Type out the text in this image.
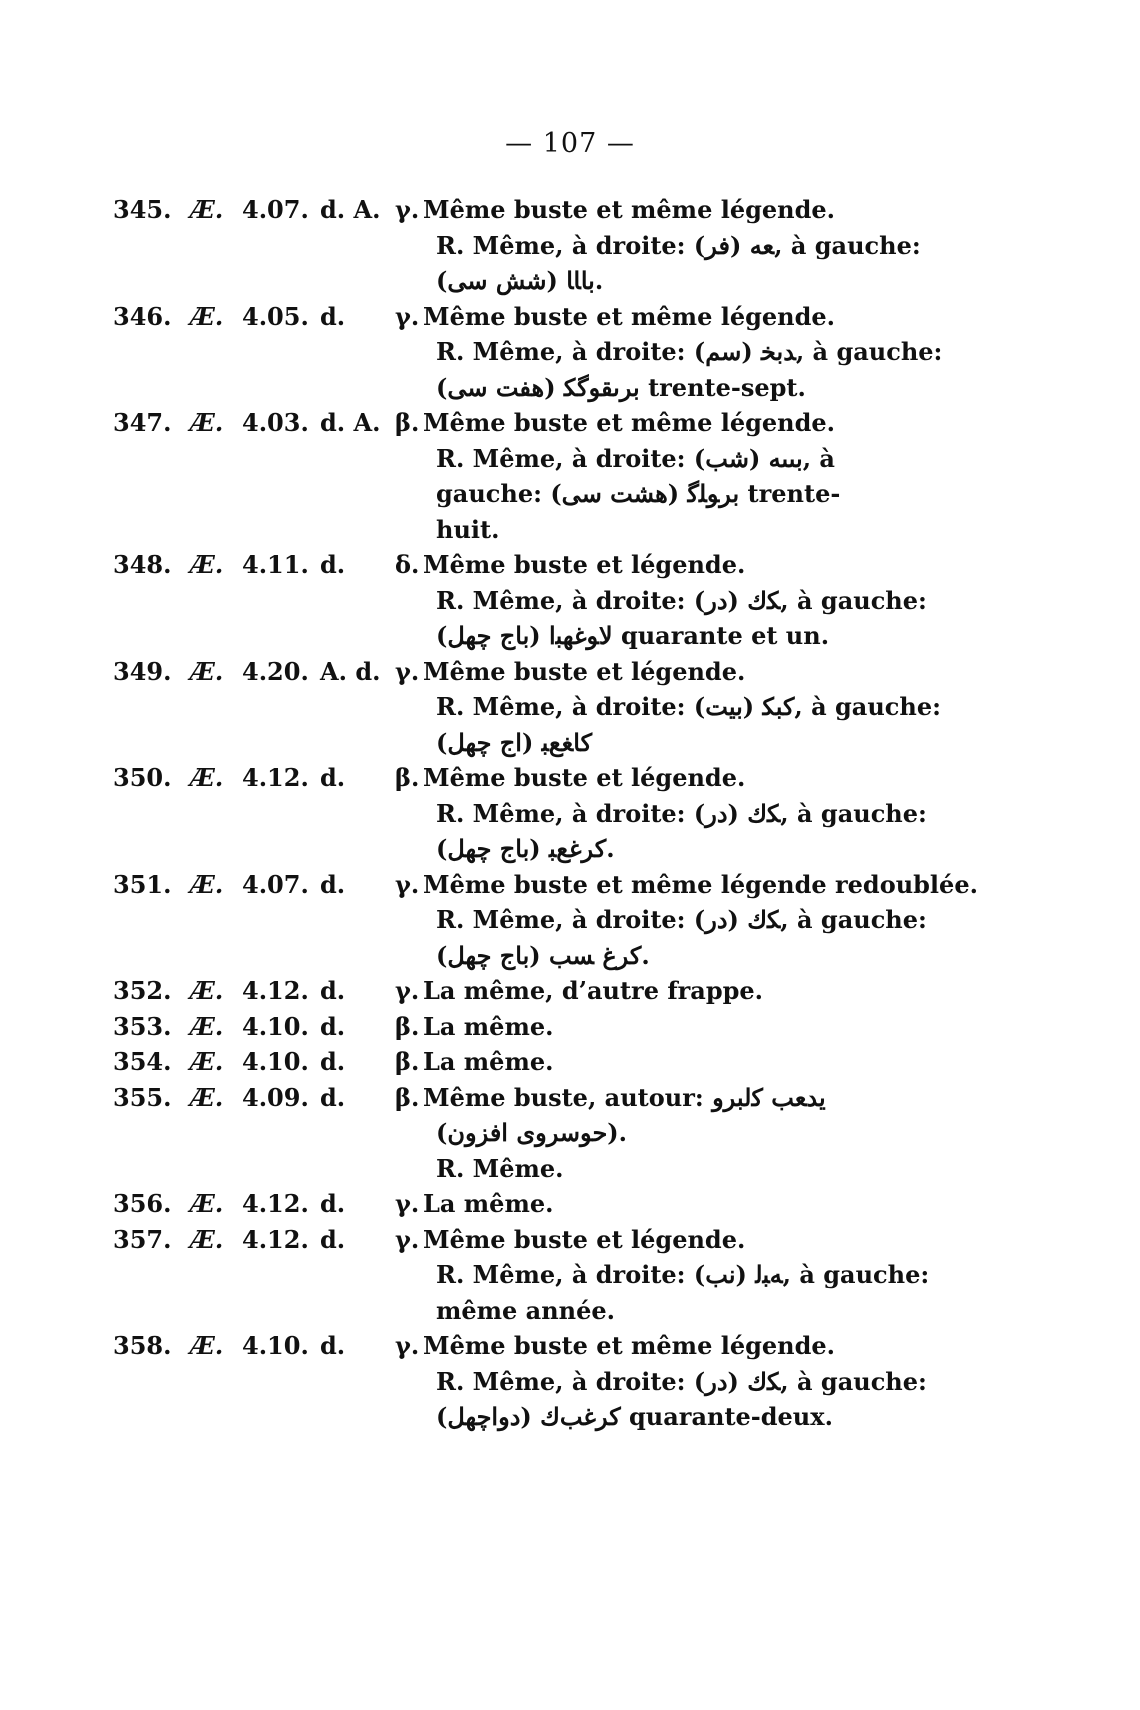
— 107 —
345. Æ. 4.07. d. A. γ. Même buste et même légende.
R. Même, à droite: ﻌﻪ (فر), à gauche:
ﺑﺎﺎﺎ (شش سی).
346. Æ. 4.05. d. γ. Même buste et même légende.
R. Même, à droite: ﺪﺑﺨ (سم), à gauche:
ﺑﺮﯨﻘﻮﮔﻜ (هفت سی) trente-sept.
347. Æ. 4.03. d. A. β. Même buste et même légende.
R. Même, à droite: ﺑﯩﯩﻪ (شب), à
gauche: ﺑﺮﻮﻠﮔ (هشت سی) trente-
huit.
348. Æ. 4.11. d. δ. Même buste et légende.
R. Même, à droite: ﮑﻙ (در), à gauche:
ﻻﻮﻏﻬﺒﺍ (باج چهل) quarante et un.
349. Æ. 4.20. A. d. γ. Même buste et légende.
R. Même, à droite: ﮐﺒﻜ (بيت), à gauche:
ﮐﺎﻐﻊﺒ (اج چهل)
350. Æ. 4.12. d. β. Même buste et légende.
R. Même, à droite: ﮑﻙ (در), à gauche:
ﮐﺮﻏﻊﺒ (باج چهل).
351. Æ. 4.07. d. γ. Même buste et même légende redoublée.
R. Même, à droite: ﮑﻙ (در), à gauche:
ﮐﺮﻍ ﺴﺐ (باج چهل).
352. Æ. 4.12. d. γ. La même, d’autre frappe.
353. Æ. 4.10. d. β. La même.
354. Æ. 4.10. d. β. La même.
355. Æ. 4.09. d. β. Même buste, autour: ﻳﺪﻌﺐ ﮐﻟﺒﺮﻭ
(حوسروی افزون).
R. Même.
356. Æ. 4.12. d. γ. La même.
357. Æ. 4.12. d. γ. Même buste et légende.
R. Même, à droite: ﻪﺒﻟ (نب), à gauche:
même année.
358. Æ. 4.10. d. γ. Même buste et même légende.
R. Même, à droite: ﮑﻙ (در), à gauche:
ﮐﺮﻏﺐﻙ (دواچهل) quarante-deux.
